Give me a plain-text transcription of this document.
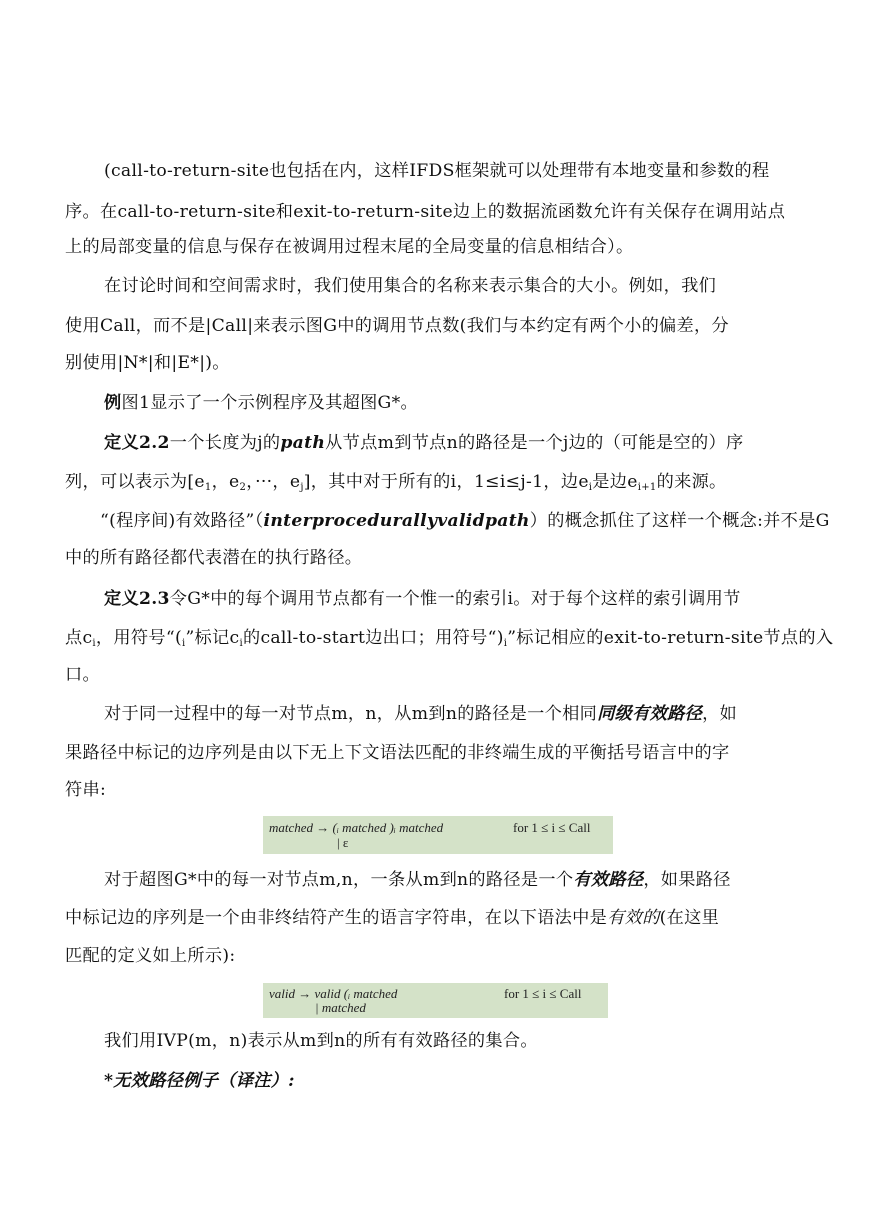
(call-to-return-site也包括在内，这样IFDS框架就可以处理带有本地变量和参数的程
序。在call-to-return-site和exit-to-return-site边上的数据流函数允许有关保存在调用站点
上的局部变量的信息与保存在被调用过程末尾的全局变量的信息相结合）。
在讨论时间和空间需求时，我们使用集合的名称来表示集合的大小。例如，我们
使用Call，而不是|Call|来表示图G中的调用节点数(我们与本约定有两个小的偏差，分
别使用|N*|和|E*|)。
例图1显示了一个示例程序及其超图G*。
定义2.2一个长度为j的path从节点m到节点n的路径是一个j边的（可能是空的）序
列，可以表示为[$e_1$，$e_2$，···，$e_j$]，其中对于所有的i，1≤i≤j-1，边$e_i$是边$e_{i+1}$的来源。
“(程序间)有效路径”（interprocedurallyvalidpath）的概念抓住了这样一个概念:并不是G
中的所有路径都代表潜在的执行路径。
定义2.3令G*中的每个调用节点都有一个惟一的索引i。对于每个这样的索引调用节
点$c_i$，用符号“($_i$”标记$c_i$的call-to-start边出口；用符号“)$_i$”标记相应的exit-to-return-site节点的入
口。
对于同一过程中的每一对节点m，n，从m到n的路径是一个相同同级有效路径，如
果路径中标记的边序列是由以下无上下文语法匹配的非终端生成的平衡括号语言中的字
符串:
matched → (ᵢ matched )ᵢ matched
| ε
for 1 ≤ i ≤ Call
对于超图G*中的每一对节点m,n，一条从m到n的路径是一个有效路径，如果路径
中标记边的序列是一个由非终结符产生的语言字符串，在以下语法中是有效的(在这里
匹配的定义如上所示):
valid → valid (ᵢ matched
| matched
for 1 ≤ i ≤ Call
我们用IVP(m，n)表示从m到n的所有有效路径的集合。
*无效路径例子（译注）:
